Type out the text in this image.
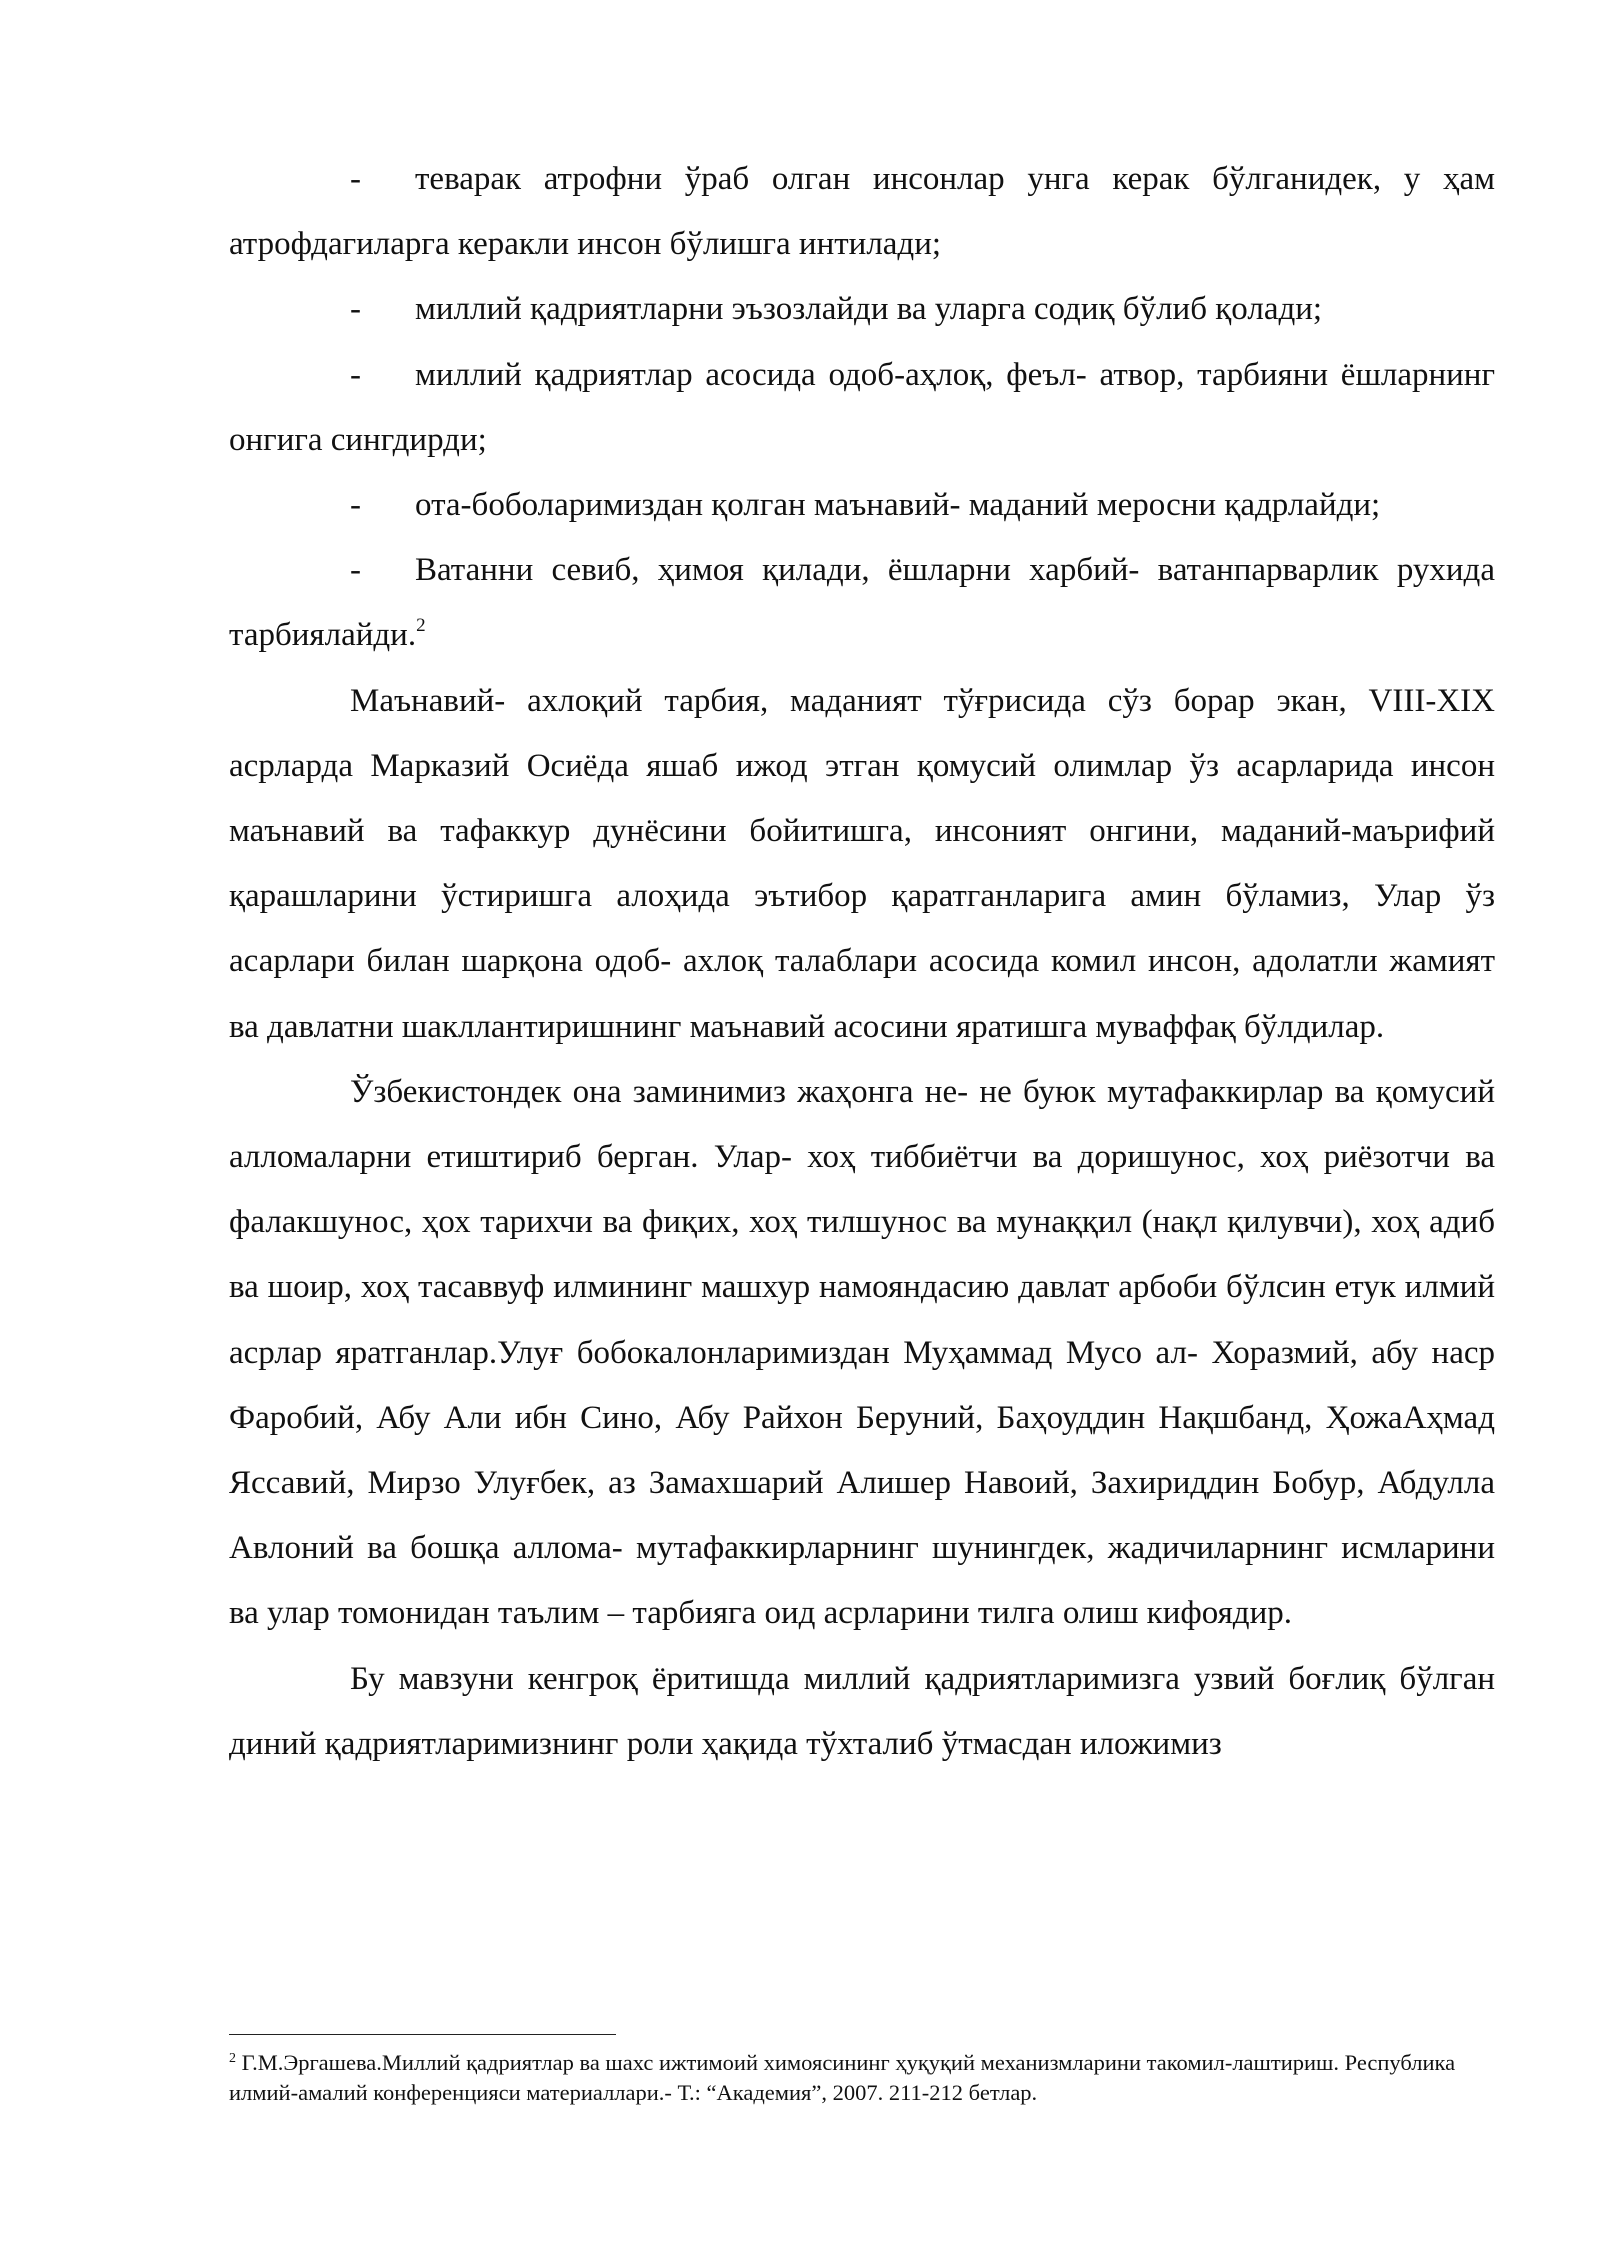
- теварак атрофни ўраб олган инсонлар унга керак бўлганидек, у ҳам атрофдагиларга керакли инсон бўлишга интилади;

- миллий қадриятларни эъзозлайди ва уларга содиқ бўлиб қолади;

- миллий қадриятлар асосида одоб-аҳлоқ, феъл- атвор, тарбияни ёшларнинг онгига сингдирди;

- ота-боболаримиздан қолган маънавий- маданий меросни қадрлайди;

- Ватанни севиб, ҳимоя қилади, ёшларни харбий- ватанпарварлик рухида тарбиялайди.$^2$

Маънавий- ахлоқий тарбия, маданият тўғрисида сўз борар экан, VIII-XIX асрларда Марказий Осиёда яшаб ижод этган қомусий олимлар ўз асарларида инсон маънавий ва тафаккур дунёсини бойитишга, инсоният онгини, маданий-маърифий қарашларини ўстиришга алоҳида эътибор қаратганларига амин бўламиз, Улар ўз асарлари билан шарқона одоб- ахлоқ талаблари асосида комил инсон, адолатли жамият ва давлатни шакллантиришнинг маънавий асосини яратишга муваффақ бўлдилар.

Ўзбекистондек она заминимиз жаҳонга не- не буюк мутафаккирлар ва қомусий алломаларни етиштириб берган. Улар- хоҳ тиббиётчи ва доришунос, хоҳ риёзотчи ва фалакшунос, ҳох тарихчи ва фиқих, хоҳ тилшунос ва мунаққил (нақл қилувчи), хоҳ адиб ва шоир, хоҳ тасаввуф илмининг машхур намояндасию давлат арбоби бўлсин етук илмий асрлар яратганлар.Улуғ бобокалонларимиздан Муҳаммад Мусо ал- Хоразмий, абу наср Фаробий, Абу Али ибн Сино, Абу Райхон Беруний, Баҳоуддин Нақшбанд, ҲожаАҳмад Яссавий, Мирзо Улуғбек, аз Замахшарий Алишер Навоий, Захириддин Бобур, Абдулла Авлоний ва бошқа аллома- мутафаккирларнинг шунингдек, жадичиларнинг исмларини ва улар томонидан таълим – тарбияга оид асрларини тилга олиш кифоядир.

Бу мавзуни кенгроқ ёритишда миллий қадриятларимизга узвий боғлиқ бўлган диний қадриятларимизнинг роли ҳақида тўхталиб ўтмасдан иложимиз

$^2$ Г.М.Эргашева.Миллий қадриятлар ва шахс ижтимоий химоясининг ҳуқуқий механизмларини такомил-лаштириш. Республика илмий-амалий конференцияси материаллари.- Т.: “Академия”, 2007. 211-212 бетлар.
